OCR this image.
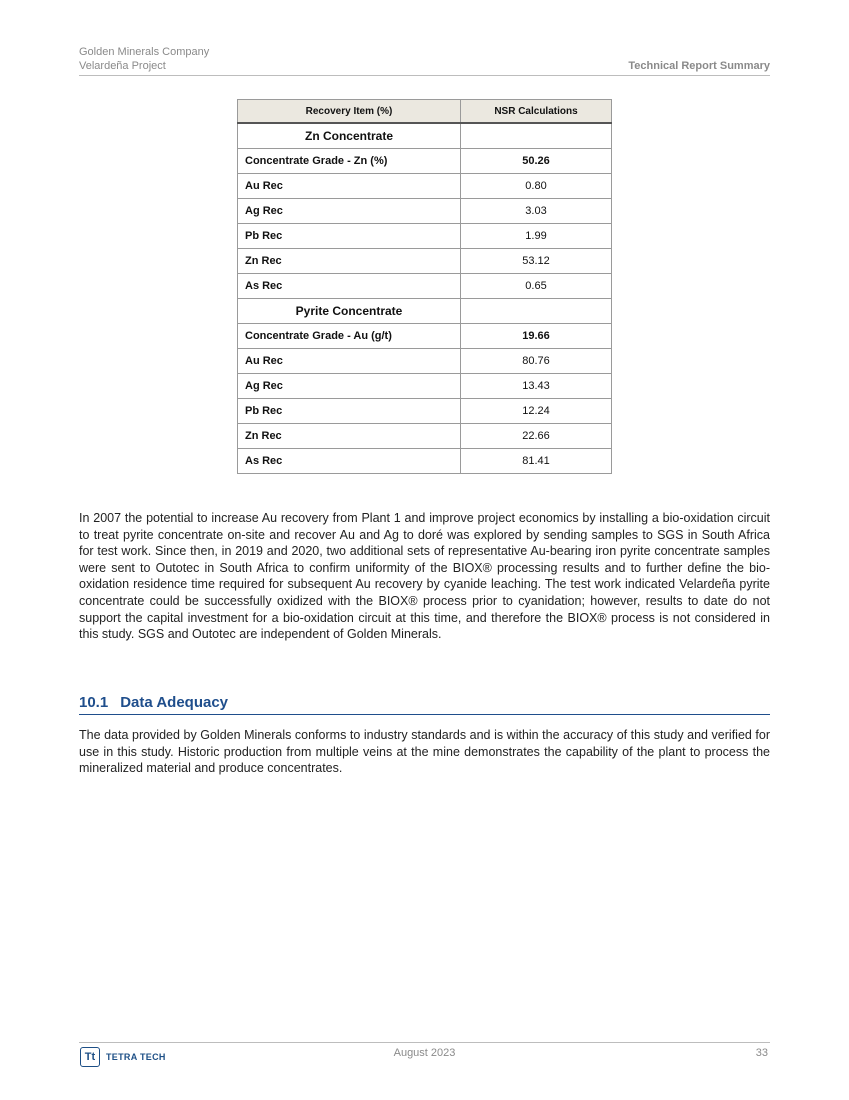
Golden Minerals Company
Velardeña Project	Technical Report Summary
Recovery Item (%)	NSR Calculations
Zn Concentrate	
Concentrate Grade - Zn (%)	50.26
Au Rec	0.80
Ag Rec	3.03
Pb Rec	1.99
Zn Rec	53.12
As Rec	0.65
Pyrite Concentrate	
Concentrate Grade - Au (g/t)	19.66
Au Rec	80.76
Ag Rec	13.43
Pb Rec	12.24
Zn Rec	22.66
As Rec	81.41

In 2007 the potential to increase Au recovery from Plant 1 and improve project economics by installing a bio-oxidation circuit to treat pyrite concentrate on-site and recover Au and Ag to doré was explored by sending samples to SGS in South Africa for test work. Since then, in 2019 and 2020, two additional sets of representative Au-bearing iron pyrite concentrate samples were sent to Outotec in South Africa to confirm uniformity of the BIOX® processing results and to further define the bio-oxidation residence time required for subsequent Au recovery by cyanide leaching. The test work indicated Velardeña pyrite concentrate could be successfully oxidized with the BIOX® process prior to cyanidation; however, results to date do not support the capital investment for a bio-oxidation circuit at this time, and therefore the BIOX® process is not considered in this study. SGS and Outotec are independent of Golden Minerals.

10.1 Data Adequacy

The data provided by Golden Minerals conforms to industry standards and is within the accuracy of this study and verified for use in this study. Historic production from multiple veins at the mine demonstrates the capability of the plant to process the mineralized material and produce concentrates.

Tt	TETRA TECH	August 2023	33
